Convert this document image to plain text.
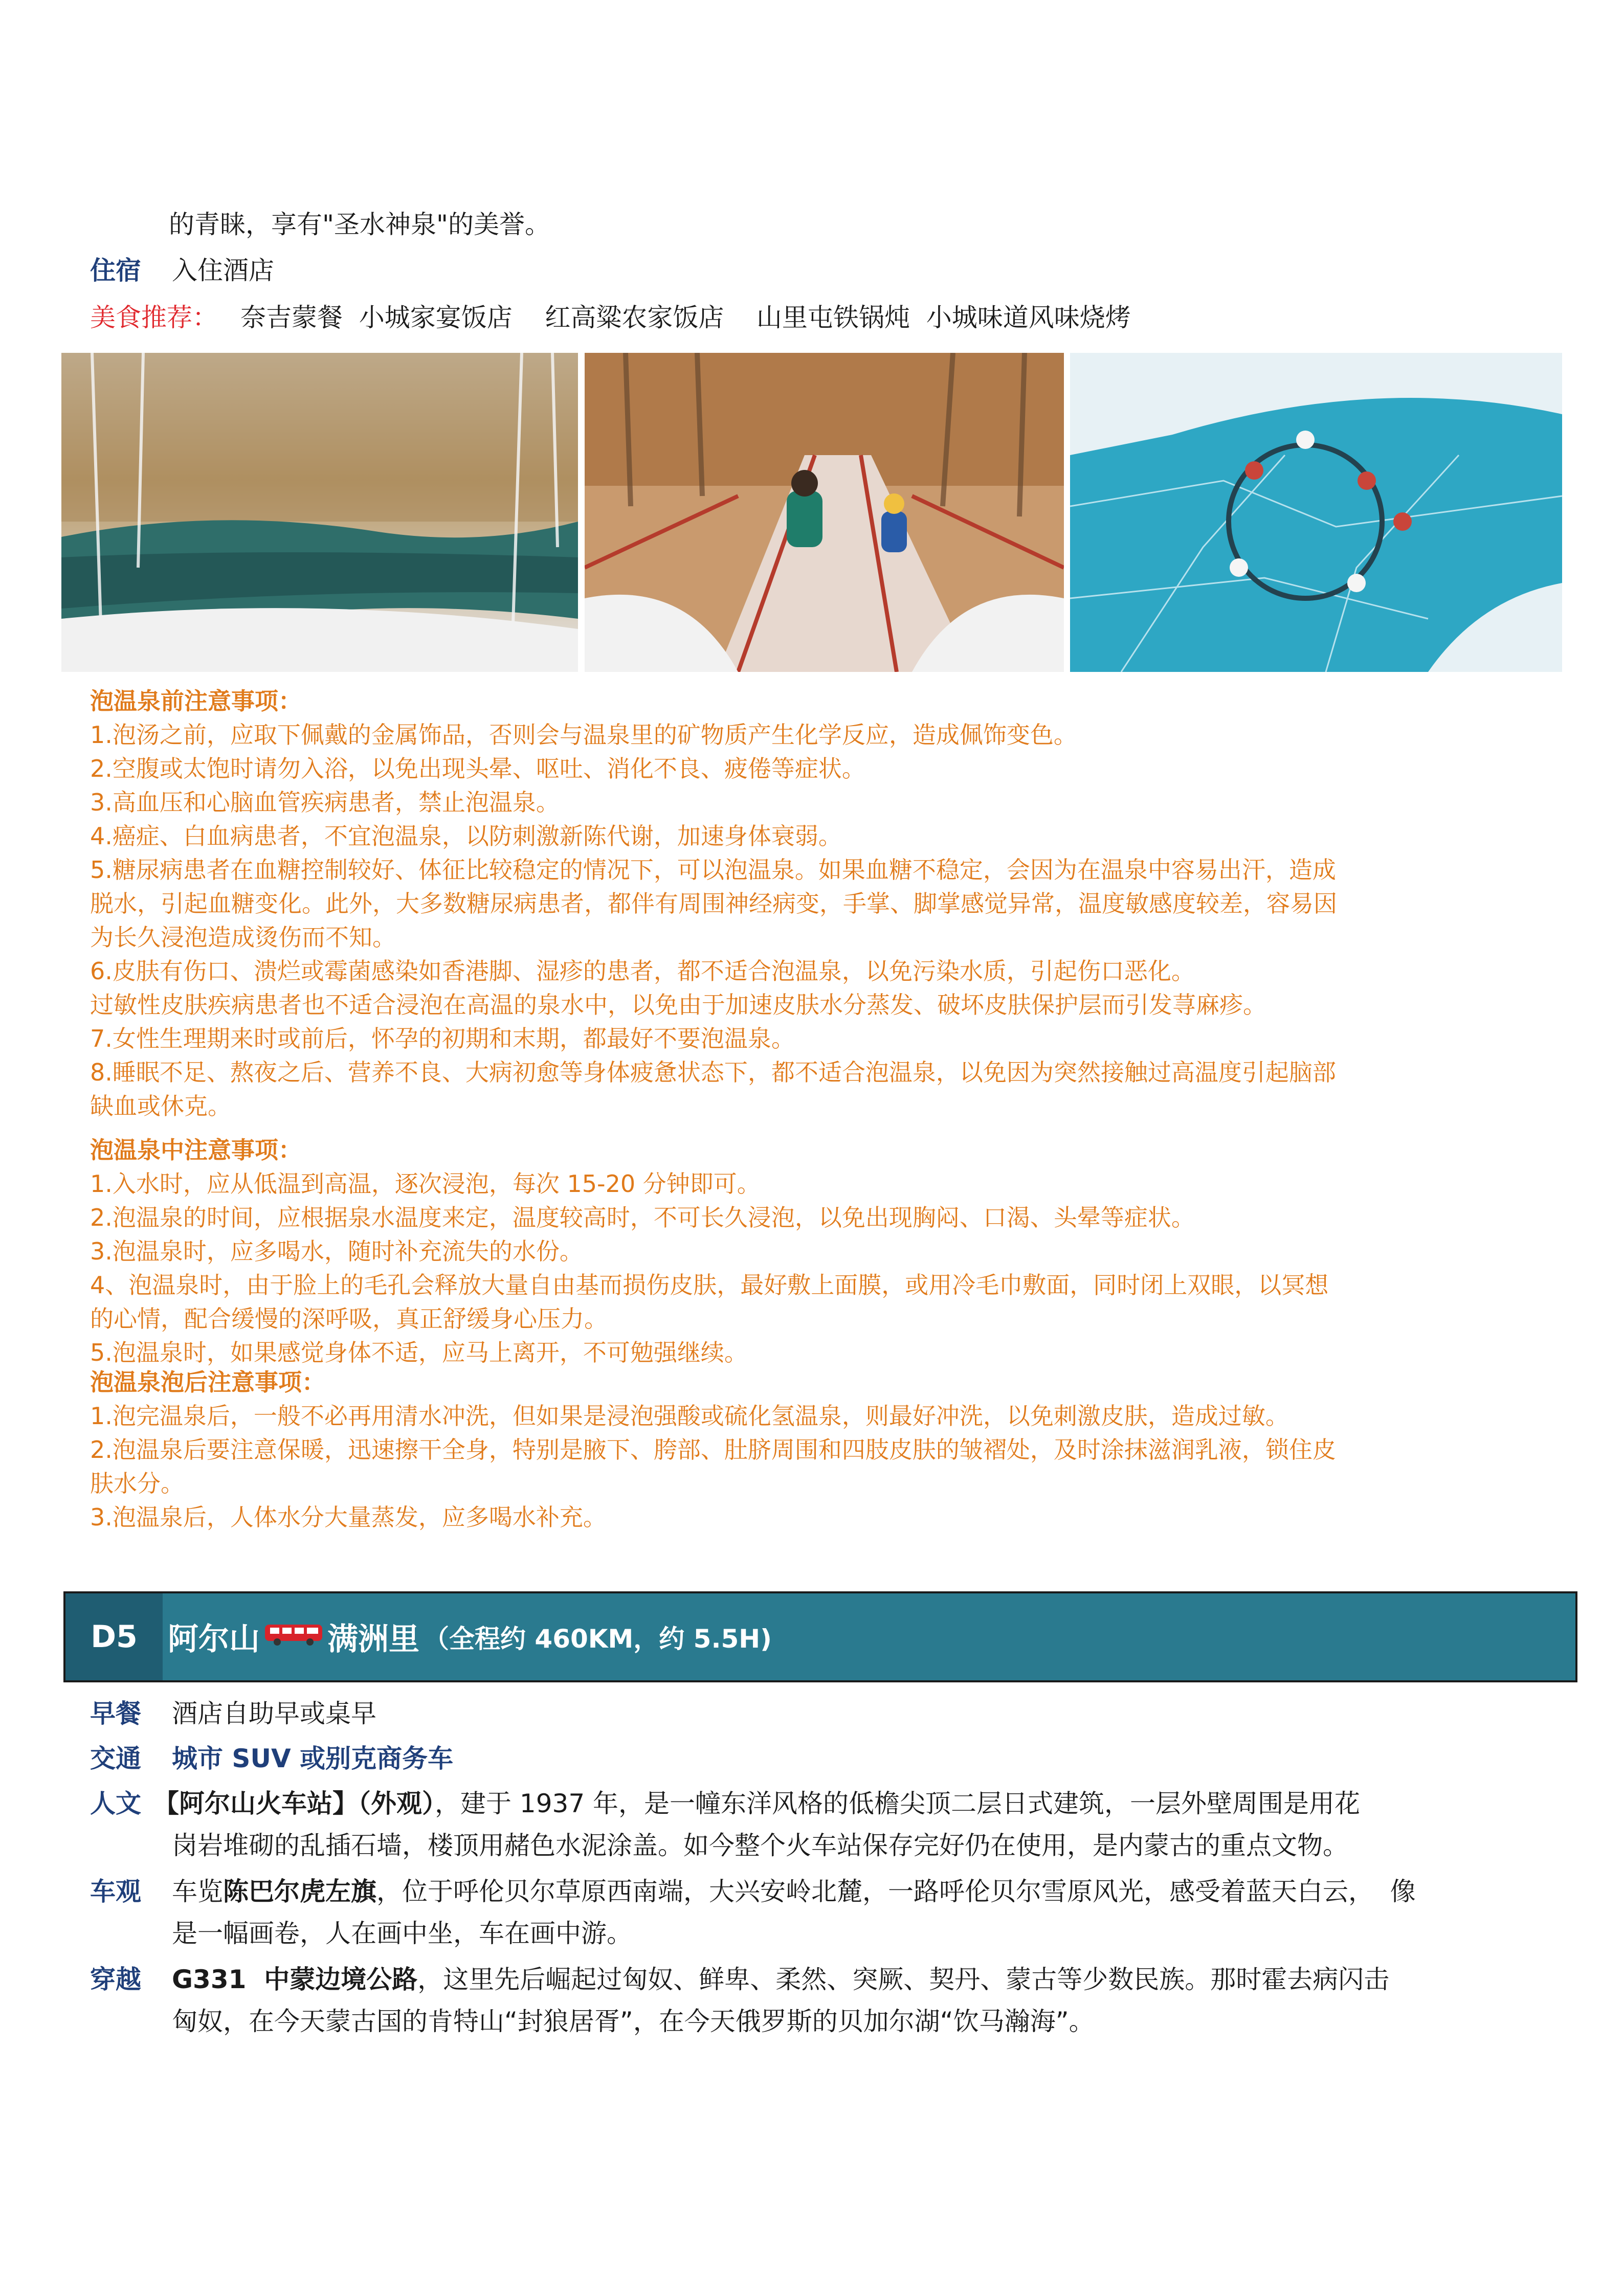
的青睐，享有"圣水神泉"的美誉。
住宿 入住酒店
美食推荐： 奈吉蒙餐  小城家宴饭店    红高粱农家饭店    山里屯铁锅炖  小城味道风味烧烤
泡温泉前注意事项：
1.泡汤之前，应取下佩戴的金属饰品，否则会与温泉里的矿物质产生化学反应，造成佩饰变色。
2.空腹或太饱时请勿入浴，以免出现头晕、呕吐、消化不良、疲倦等症状。
3.高血压和心脑血管疾病患者，禁止泡温泉。
4.癌症、白血病患者，不宜泡温泉，以防刺激新陈代谢，加速身体衰弱。
5.糖尿病患者在血糖控制较好、体征比较稳定的情况下，可以泡温泉。如果血糖不稳定，会因为在温泉中容易出汗，造成
脱水，引起血糖变化。此外，大多数糖尿病患者，都伴有周围神经病变，手掌、脚掌感觉异常，温度敏感度较差，容易因
为长久浸泡造成烫伤而不知。
6.皮肤有伤口、溃烂或霉菌感染如香港脚、湿疹的患者，都不适合泡温泉，以免污染水质，引起伤口恶化。
过敏性皮肤疾病患者也不适合浸泡在高温的泉水中，以免由于加速皮肤水分蒸发、破坏皮肤保护层而引发荨麻疹。
7.女性生理期来时或前后，怀孕的初期和末期，都最好不要泡温泉。
8.睡眠不足、熬夜之后、营养不良、大病初愈等身体疲惫状态下，都不适合泡温泉，以免因为突然接触过高温度引起脑部
缺血或休克。
泡温泉中注意事项：
1.入水时，应从低温到高温，逐次浸泡，每次 15-20 分钟即可。
2.泡温泉的时间，应根据泉水温度来定，温度较高时，不可长久浸泡，以免出现胸闷、口渴、头晕等症状。
3.泡温泉时，应多喝水，随时补充流失的水份。
4、泡温泉时，由于脸上的毛孔会释放大量自由基而损伤皮肤，最好敷上面膜，或用冷毛巾敷面，同时闭上双眼，以冥想
的心情，配合缓慢的深呼吸，真正舒缓身心压力。
5.泡温泉时，如果感觉身体不适，应马上离开，不可勉强继续。
泡温泉泡后注意事项：
1.泡完温泉后，一般不必再用清水冲洗，但如果是浸泡强酸或硫化氢温泉，则最好冲洗，以免刺激皮肤，造成过敏。
2.泡温泉后要注意保暖，迅速擦干全身，特别是腋下、胯部、肚脐周围和四肢皮肤的皱褶处，及时涂抹滋润乳液，锁住皮
肤水分。
3.泡温泉后，人体水分大量蒸发，应多喝水补充。
D5 阿尔山 满洲里 （全程约 460KM，约 5.5H)
早餐 酒店自助早或桌早
交通 城市 SUV 或别克商务车
人文 【阿尔山火车站】（外观），建于 1937 年，是一幢东洋风格的低檐尖顶二层日式建筑，一层外壁周围是用花
岗岩堆砌的乱插石墙，楼顶用赭色水泥涂盖。如今整个火车站保存完好仍在使用，是内蒙古的重点文物。
车观 车览陈巴尔虎左旗，位于呼伦贝尔草原西南端，大兴安岭北麓，一路呼伦贝尔雪原风光，感受着蓝天白云，  像
是一幅画卷，人在画中坐，车在画中游。
穿越 G331  中蒙边境公路，这里先后崛起过匈奴、鲜卑、柔然、突厥、契丹、蒙古等少数民族。那时霍去病闪击
匈奴，在今天蒙古国的肯特山“封狼居胥”，在今天俄罗斯的贝加尔湖“饮马瀚海”。
